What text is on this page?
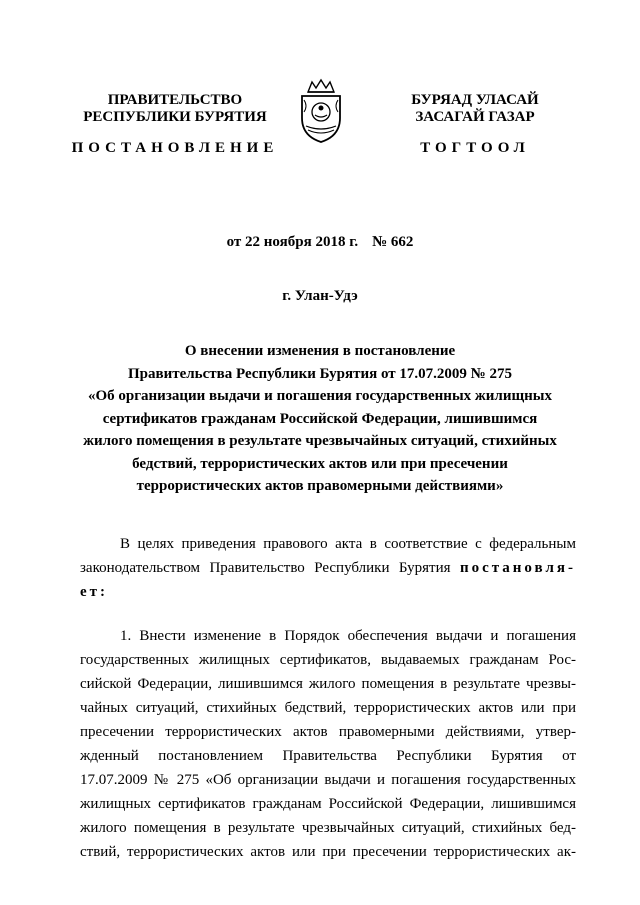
ПРАВИТЕЛЬСТВО
РЕСПУБЛИКИ БУРЯТИЯ
ПОСТАНОВЛЕНИЕ
БУРЯАД УЛАСАЙ
ЗАСАГАЙ ГАЗАР
ТОГТООЛ
от 22 ноября 2018 г. № 662
г. Улан-Удэ
О внесении изменения в постановление
Правительства Республики Бурятия от 17.07.2009 № 275
«Об организации выдачи и погашения государственных жилищных
сертификатов гражданам Российской Федерации, лишившимся
жилого помещения в результате чрезвычайных ситуаций, стихийных
бедствий, террористических актов или при пресечении
террористических актов правомерными действиями»
В целях приведения правового акта в соответствие с федеральным
законодательством Правительство Республики Бурятия постановля-
ет:
1. Внести изменение в Порядок обеспечения выдачи и погашения
государственных жилищных сертификатов, выдаваемых гражданам Рос-
сийской Федерации, лишившимся жилого помещения в результате чрезвы-
чайных ситуаций, стихийных бедствий, террористических актов или при
пресечении террористических актов правомерными действиями, утвер-
жденный постановлением Правительства Республики Бурятия от
17.07.2009 № 275 «Об организации выдачи и погашения государственных
жилищных сертификатов гражданам Российской Федерации, лишившимся
жилого помещения в результате чрезвычайных ситуаций, стихийных бед-
ствий, террористических актов или при пресечении террористических ак-
